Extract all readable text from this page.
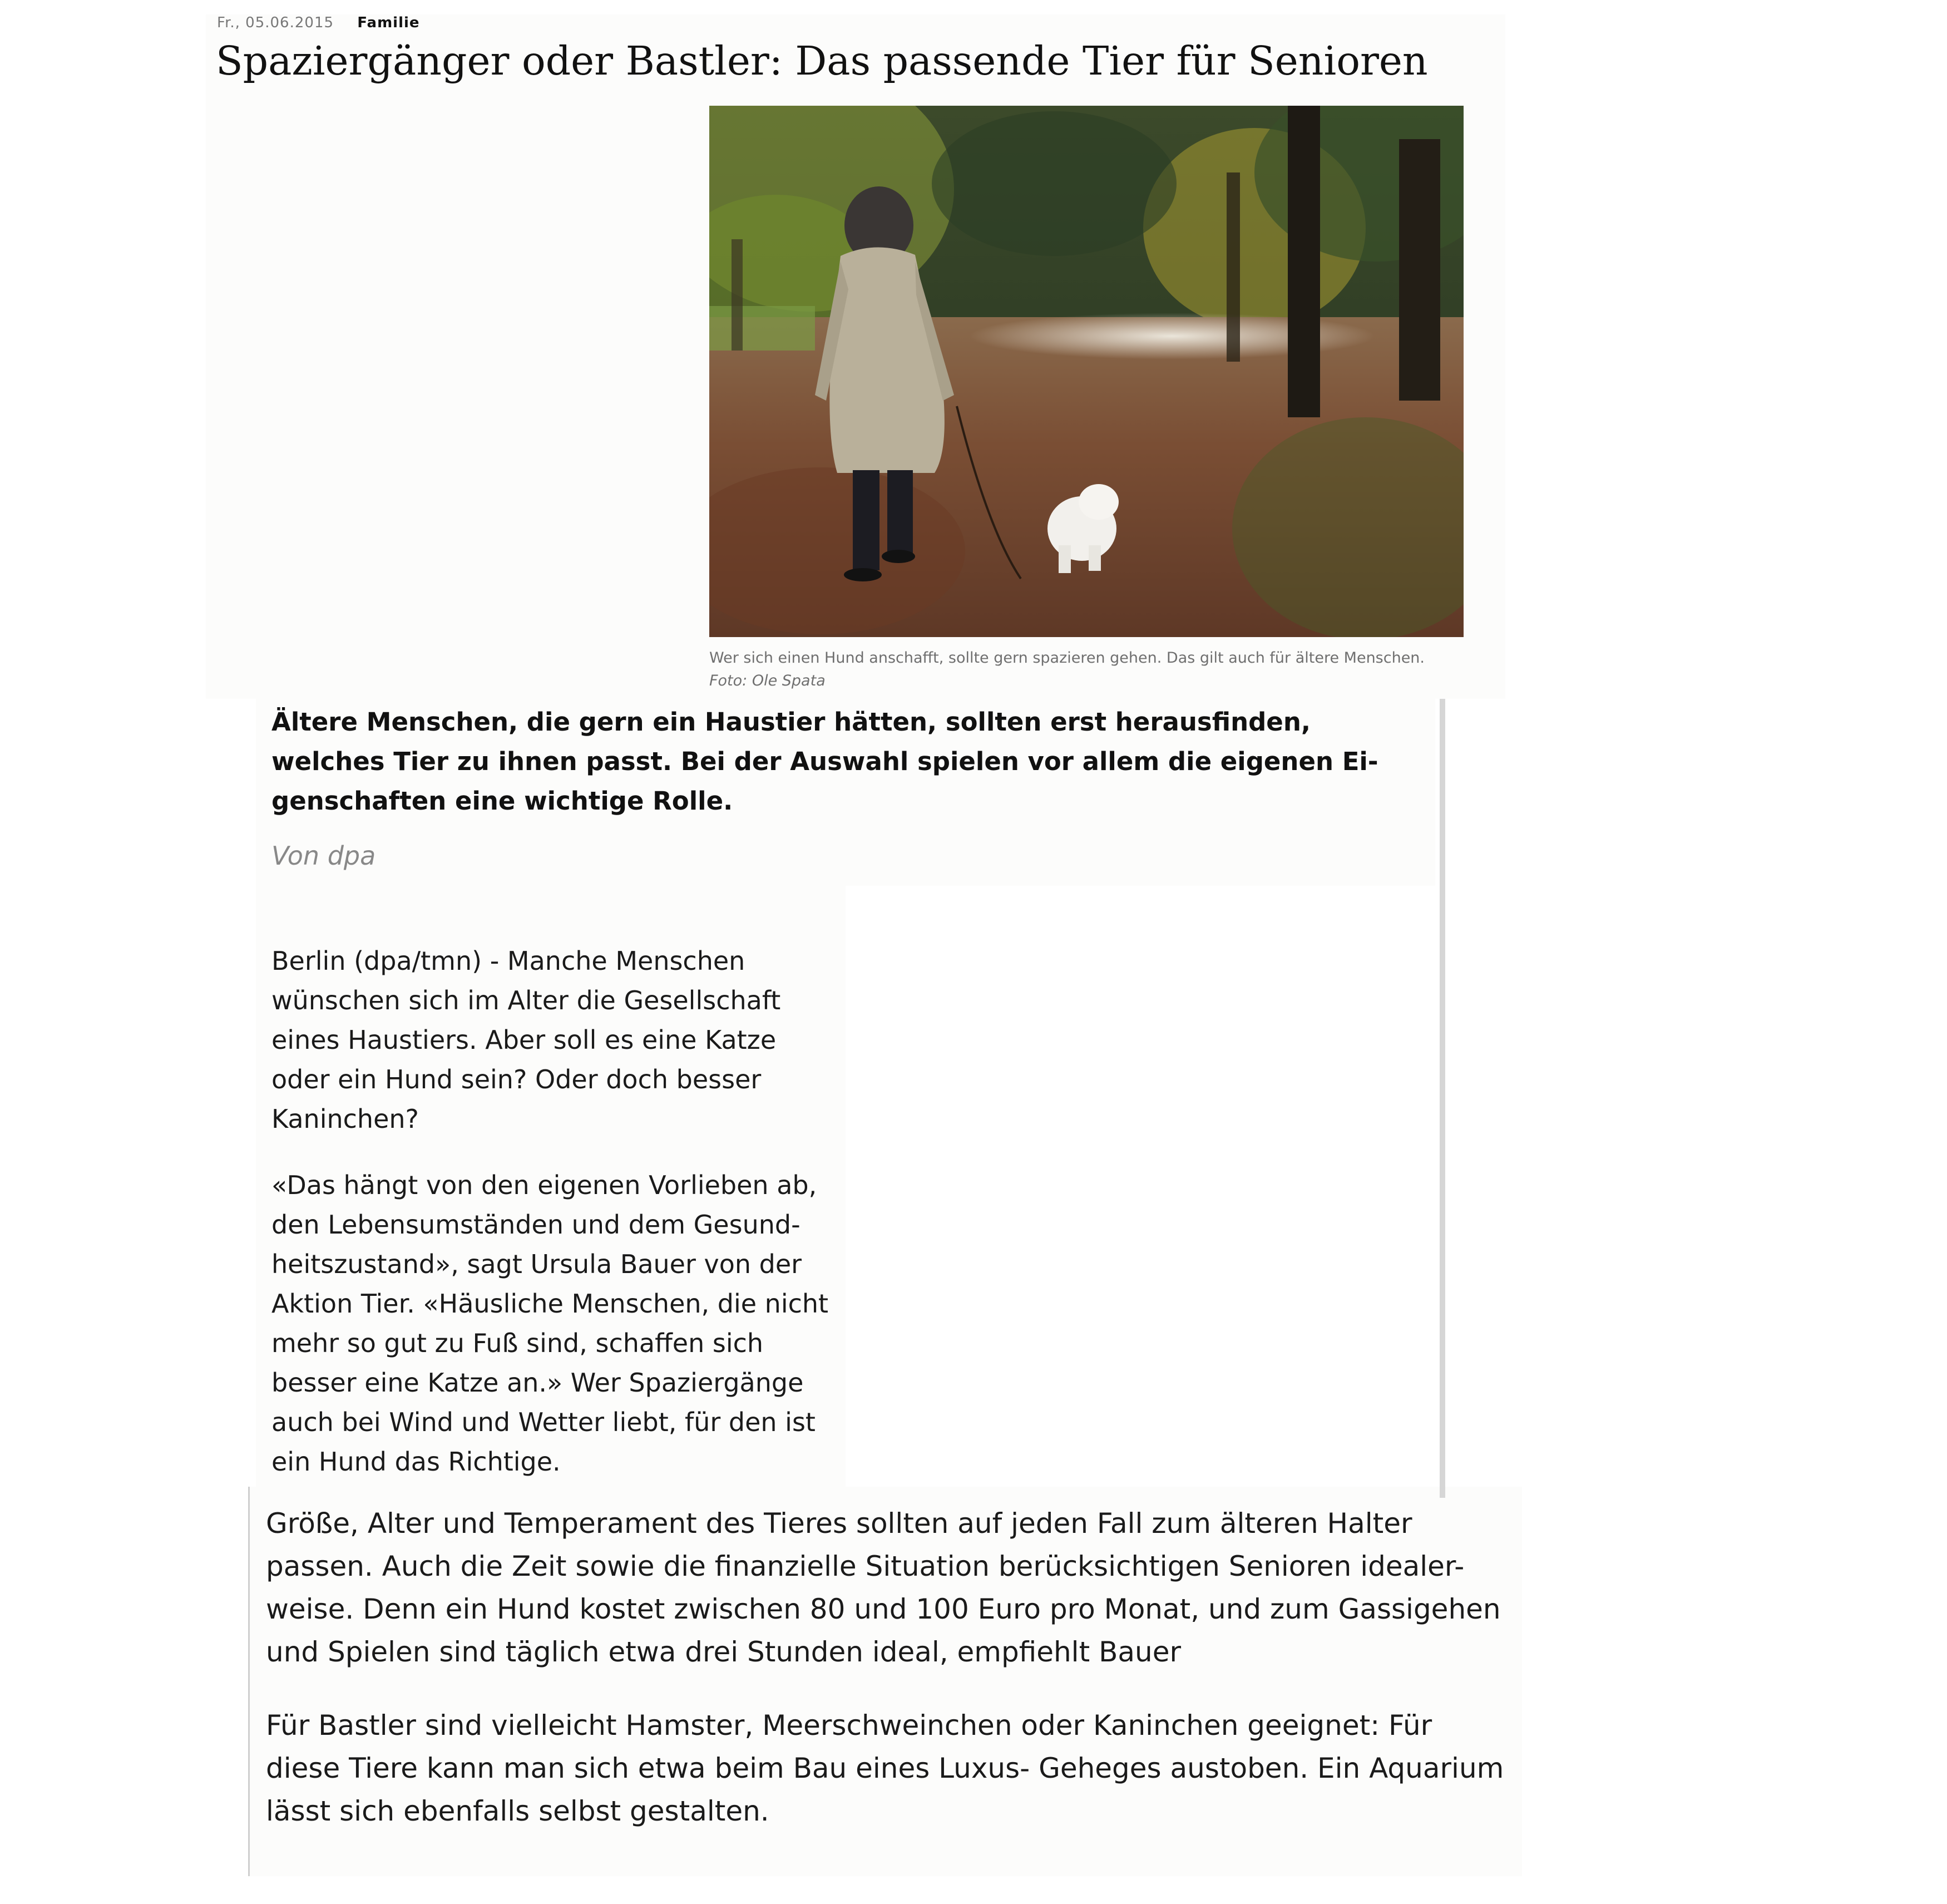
Fr., 05.06.2015 Familie
Spaziergänger oder Bastler: Das passende Tier für Senioren
Wer sich einen Hund anschafft, sollte gern spazieren gehen. Das gilt auch für ältere Menschen. Foto: Ole Spata
Ältere Menschen, die gern ein Haustier hätten, sollten erst herausfinden, welches Tier zu ihnen passt. Bei der Auswahl spielen vor allem die eigenen Ei-genschaften eine wichtige Rolle.
Von dpa

Berlin (dpa/tmn) - Manche Menschen wünschen sich im Alter die Gesellschaft eines Haustiers. Aber soll es eine Katze oder ein Hund sein? Oder doch besser Kaninchen?

«Das hängt von den eigenen Vorlieben ab, den Lebensumständen und dem Gesund-heitszustand», sagt Ursula Bauer von der Aktion Tier. «Häusliche Menschen, die nicht mehr so gut zu Fuß sind, schaffen sich besser eine Katze an.» Wer Spaziergänge auch bei Wind und Wetter liebt, für den ist ein Hund das Richtige.

Größe, Alter und Temperament des Tieres sollten auf jeden Fall zum älteren Halter passen. Auch die Zeit sowie die finanzielle Situation berücksichtigen Senioren idealer-weise. Denn ein Hund kostet zwischen 80 und 100 Euro pro Monat, und zum Gassigehen und Spielen sind täglich etwa drei Stunden ideal, empfiehlt Bauer

Für Bastler sind vielleicht Hamster, Meerschweinchen oder Kaninchen geeignet: Für diese Tiere kann man sich etwa beim Bau eines Luxus- Geheges austoben. Ein Aquarium lässt sich ebenfalls selbst gestalten.
